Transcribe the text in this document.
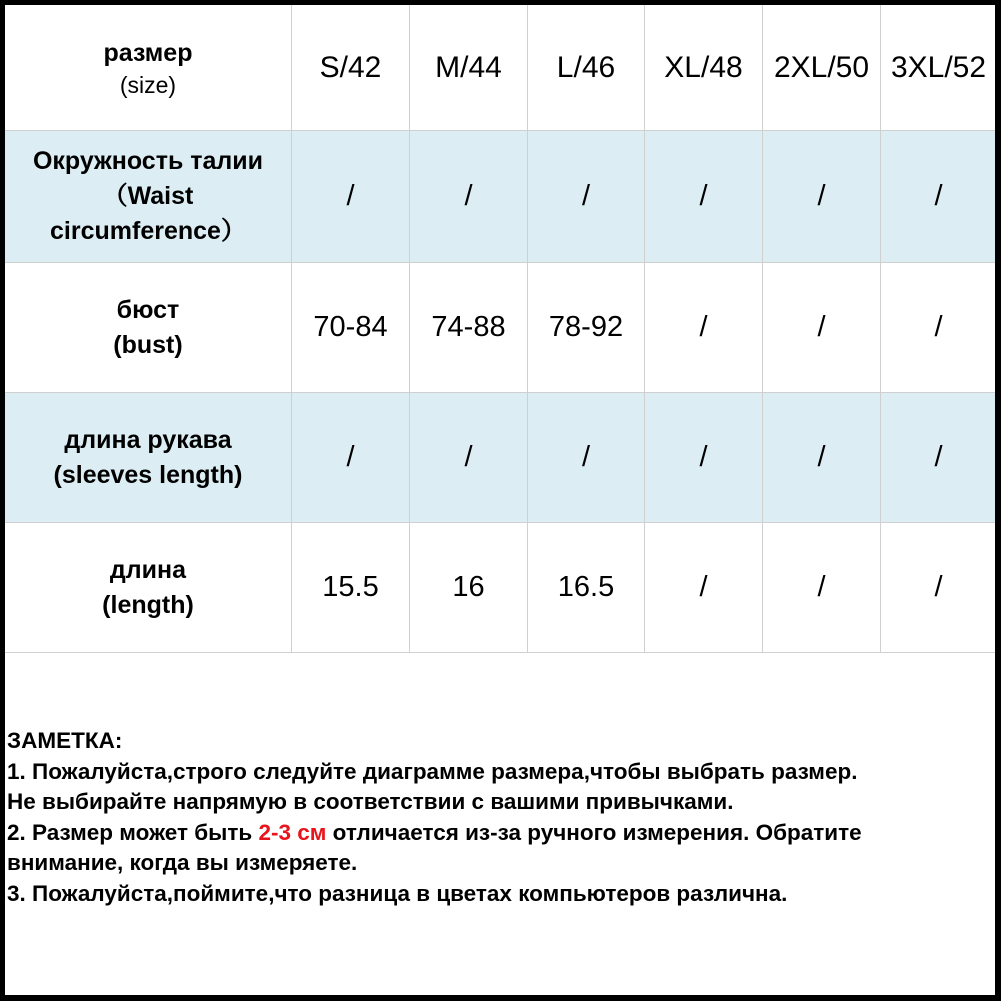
размер
(size)
S/42	M/44	L/46	XL/48	2XL/50 3XL/52
Окружность талии
（Waist
circumference）
/	/	/	/	/	/
бюст
(bust)
70-84	74-88	78-92	/	/	/
длина рукава
(sleeves length)
/	/	/	/	/	/
длина
(length)
15.5	16	16.5	/	/	/
ЗАМЕТКА:
1. Пожалуйста,строго следуйте диаграмме размера,чтобы выбрать размер.
Не выбирайте напрямую в соответствии с вашими привычками.
2. Размер может быть 2-3 см отличается из-за ручного измерения. Обратите
внимание, когда вы измеряете.
3. Пожалуйста,поймите,что разница в цветах компьютеров различна.
